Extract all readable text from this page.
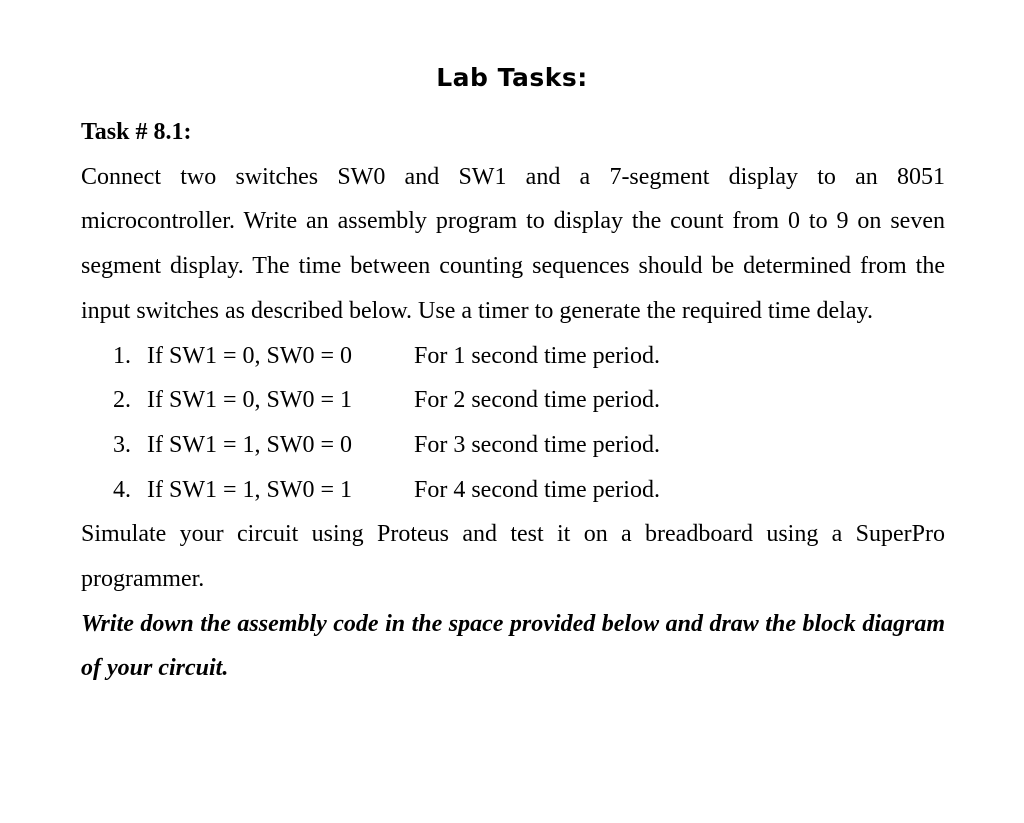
Lab Tasks:
Task # 8.1:

Connect two switches SW0 and SW1 and a 7-segment display to an 8051 microcontroller. Write an assembly program to display the count from 0 to 9 on seven segment display. The time between counting sequences should be determined from the input switches as described below. Use a timer to generate the required time delay.

1. If SW1 = 0, SW0 = 0	For 1 second time period.
2. If SW1 = 0, SW0 = 1	For 2 second time period.
3. If SW1 = 1, SW0 = 0	For 3 second time period.
4. If SW1 = 1, SW0 = 1	For 4 second time period.

Simulate your circuit using Proteus and test it on a breadboard using a SuperPro programmer.

Write down the assembly code in the space provided below and draw the block diagram of your circuit.
